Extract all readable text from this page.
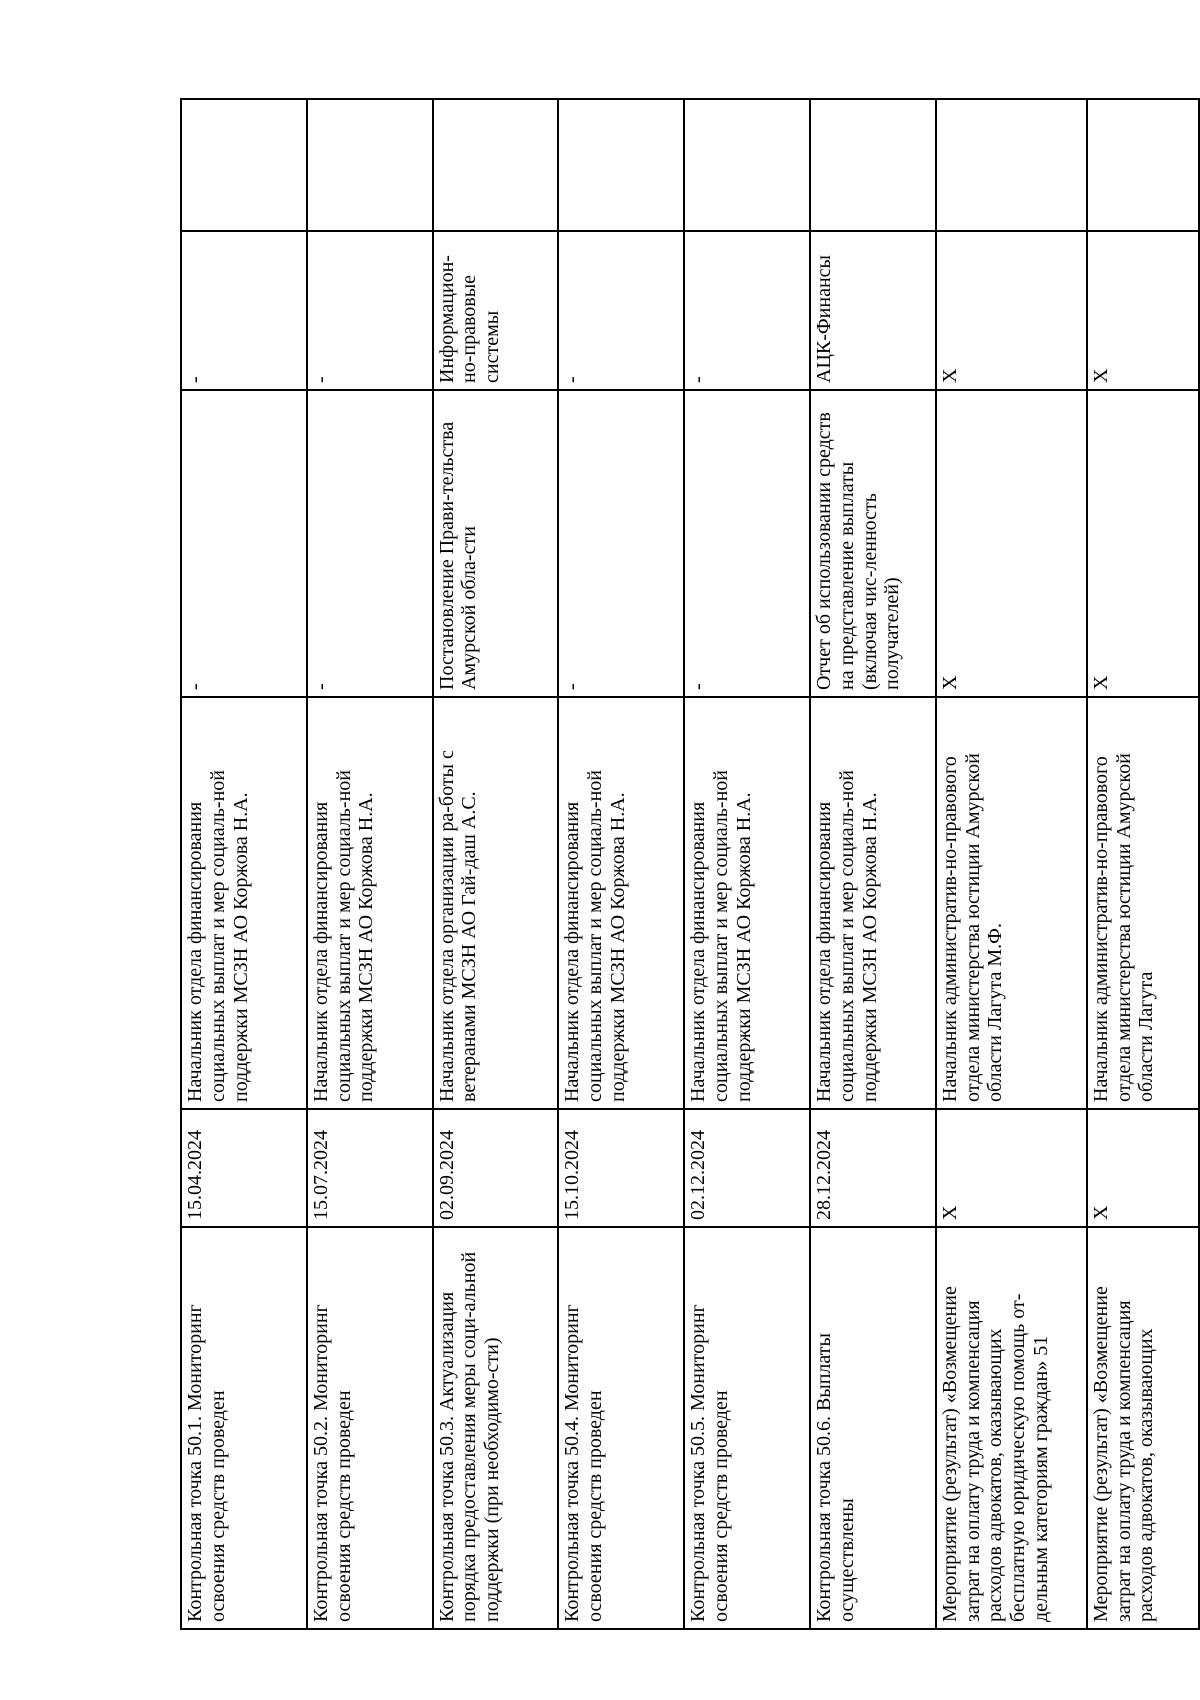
Контрольная точка 50.1. Мониторинг освоения средств проведен	15.04.2024	Начальник отдела финансирования социальных выплат и мер социаль-ной поддержки МСЗН АО Коржова Н.А.	-	-	
Контрольная точка 50.2. Мониторинг освоения средств проведен	15.07.2024	Начальник отдела финансирования социальных выплат и мер социаль-ной поддержки МСЗН АО Коржова Н.А.	-	-	
Контрольная точка 50.3. Актуализация порядка предоставления меры соци-альной поддержки (при необходимо-сти)	02.09.2024	Начальник отдела организации ра-боты с ветеранами МСЗН АО Гай-даш А.С.	Постановление Прави-тельства Амурской обла-сти	Информацион-но-правовые системы	
Контрольная точка 50.4. Мониторинг освоения средств проведен	15.10.2024	Начальник отдела финансирования социальных выплат и мер социаль-ной поддержки МСЗН АО Коржова Н.А.	-	-	
Контрольная точка 50.5. Мониторинг освоения средств проведен	02.12.2024	Начальник отдела финансирования социальных выплат и мер социаль-ной поддержки МСЗН АО Коржова Н.А.	-	-	
Контрольная точка 50.6. Выплаты осуществлены	28.12.2024	Начальник отдела финансирования социальных выплат и мер социаль-ной поддержки МСЗН АО Коржова Н.А.	Отчет об использовании средств на представление выплаты (включая чис-ленность получателей)	АЦК-Финансы	
Мероприятие (результат) «Возмещение затрат на оплату труда и компенсация расходов адвокатов, оказывающих бесплатную юридическую помощь от-дельным категориям граждан» 51	X	Начальник административ-но-правового отдела министерства юстиции Амурской области Лагута М.Ф.	X	X	
Мероприятие (результат) «Возмещение затрат на оплату труда и компенсация расходов адвокатов, оказывающих	X	Начальник административ-но-правового отдела министерства юстиции Амурской области Лагута	X	X	
